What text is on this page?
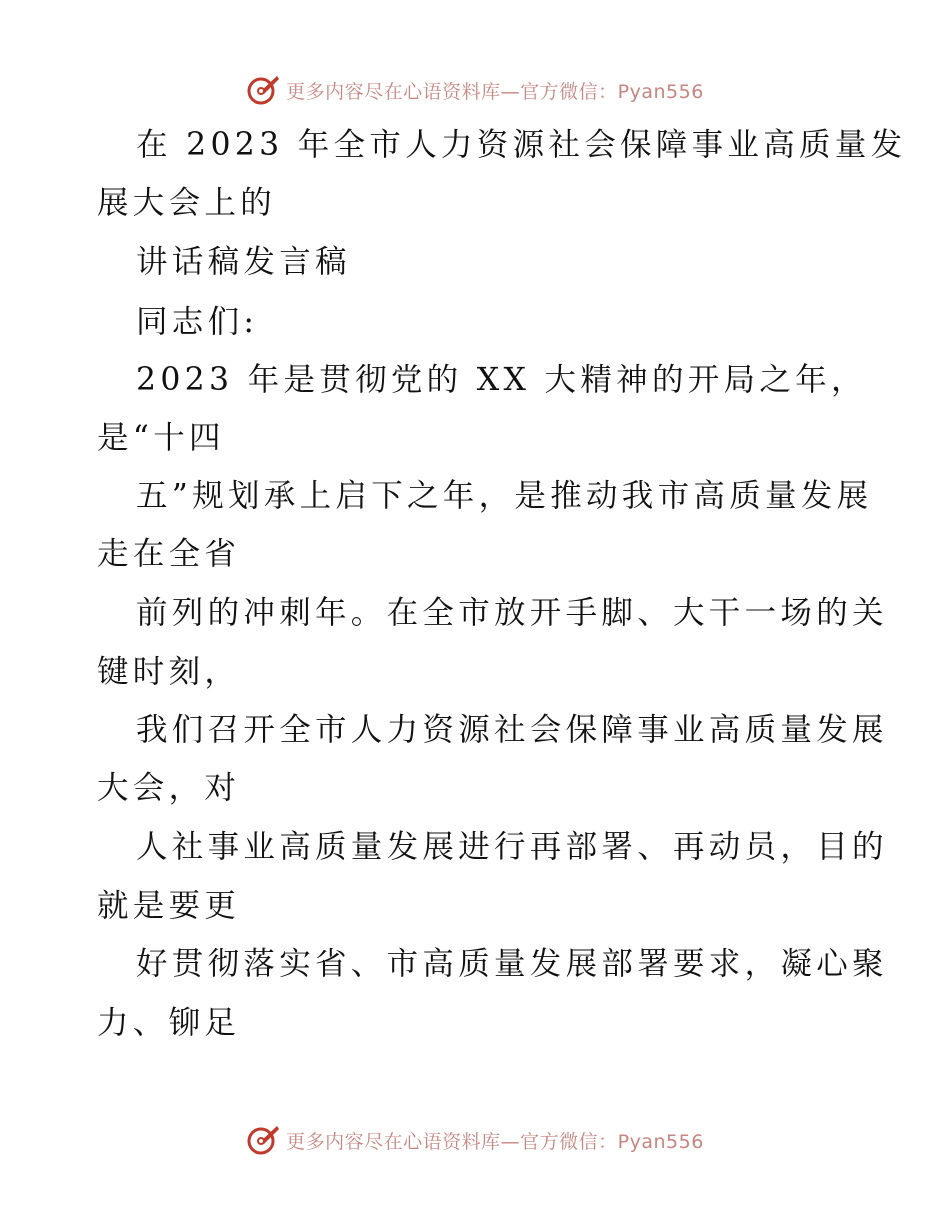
更多内容尽在心语资料库—官方微信：Pyan556
在 2023 年全市人力资源社会保障事业高质量发
展大会上的
讲话稿发言稿
同志们:
2023 年是贯彻党的 XX 大精神的开局之年，
是“十四
五”规划承上启下之年，是推动我市高质量发展
走在全省
前列的冲刺年。在全市放开手脚、大干一场的关
键时刻，
我们召开全市人力资源社会保障事业高质量发展
大会，对
人社事业高质量发展进行再部署、再动员，目的
就是要更
好贯彻落实省、市高质量发展部署要求，凝心聚
力、铆足
更多内容尽在心语资料库—官方微信：Pyan556
